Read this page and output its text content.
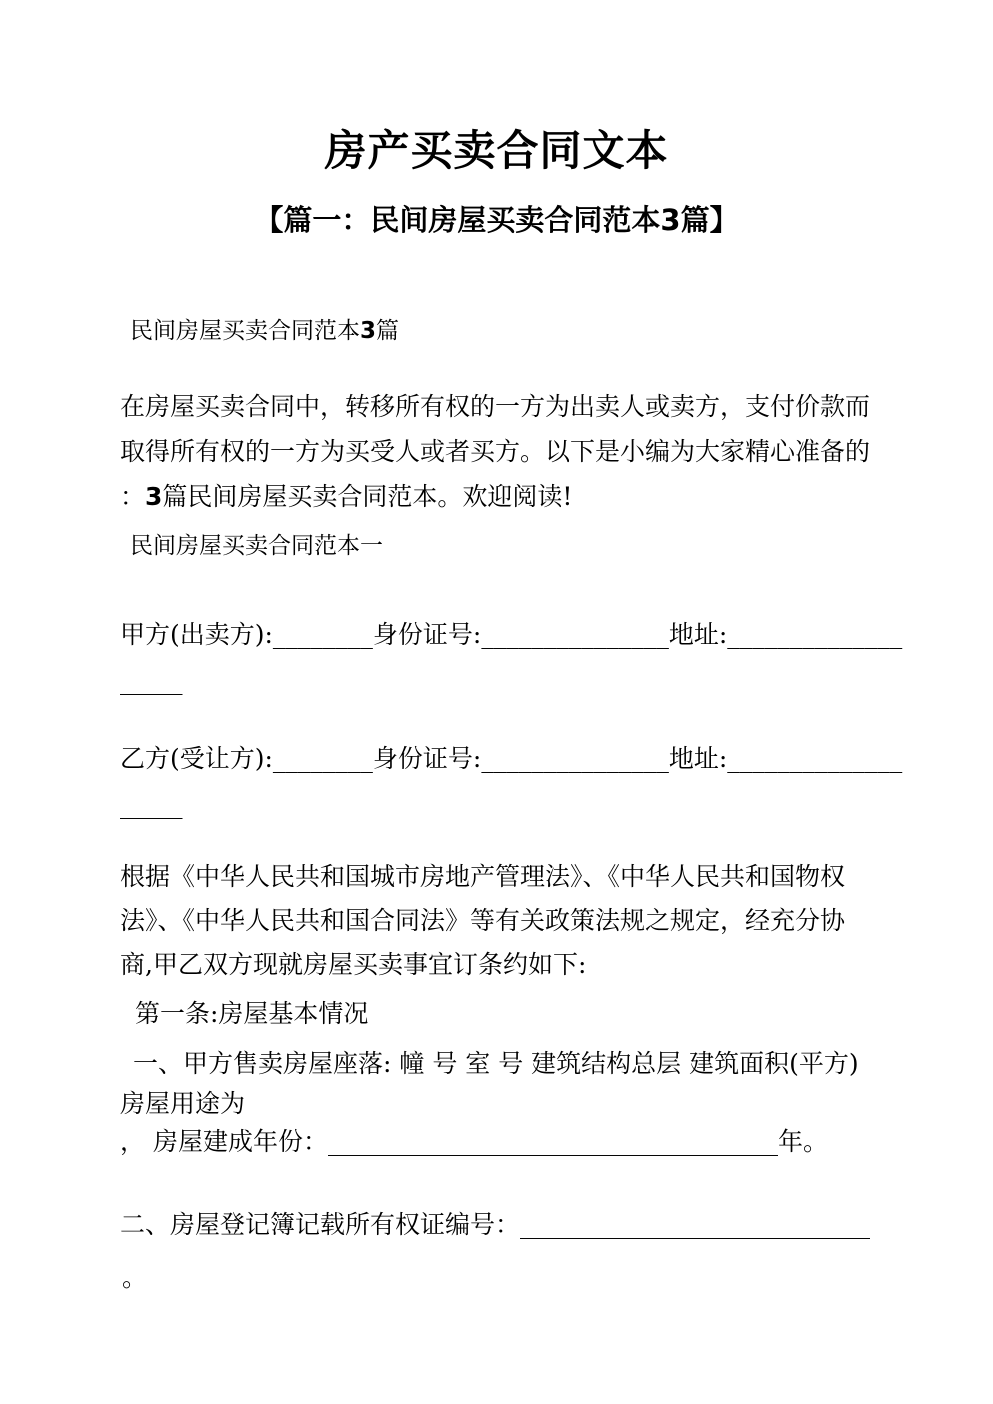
房产买卖合同文本
【篇一：民间房屋买卖合同范本3篇】
民间房屋买卖合同范本3篇
在房屋买卖合同中，转移所有权的一方为出卖人或卖方，支付价款而
取得所有权的一方为买受人或者买方。以下是小编为大家精心准备的
：3篇民间房屋买卖合同范本。欢迎阅读!
民间房屋买卖合同范本一
甲方(出卖方):________身份证号:_______________地址:______________
_____
乙方(受让方):________身份证号:_______________地址:______________
_____
根据《中华人民共和国城市房地产管理法》、《中华人民共和国物权
法》、《中华人民共和国合同法》等有关政策法规之规定，经充分协
商,甲乙双方现就房屋买卖事宜订条约如下:
第一条:房屋基本情况
一、甲方售卖房屋座落: 幢 号 室 号 建筑结构总层 建筑面积(平方)
房屋用途为
， 房屋建成年份：____________________________________年。
二、房屋登记簿记载所有权证编号：____________________________
。
